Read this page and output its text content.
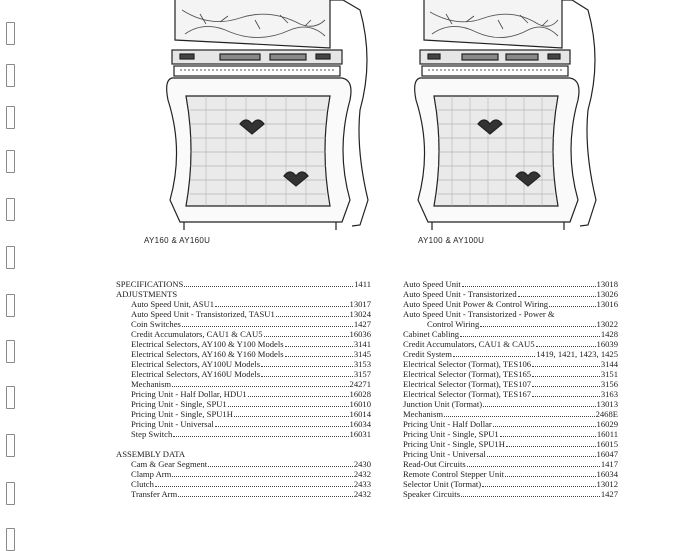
AY160 & AY160U	AY100 & AY100U
SPECIFICATIONS	1411
ADJUSTMENTS
Auto Speed Unit, ASU1	13017
Auto Speed Unit - Transistorized, TASU1	13024
Coin Switches	1427
Credit Accumulators, CAU1 & CAU5	16036
Electrical Selectors, AY100 & Y100 Models	3141
Electrical Selectors, AY160 & Y160 Models	3145
Electrical Selectors, AY100U Models	3153
Electrical Selectors, AY160U Models	3157
Mechanism	24271
Pricing Unit - Half Dollar, HDU1	16028
Pricing Unit - Single, SPU1	16010
Pricing Unit - Single, SPU1H	16014
Pricing Unit - Universal	16034
Step Switch	16031
ASSEMBLY DATA
Cam & Gear Segment	2430
Clamp Arm	2432
Clutch	2433
Transfer Arm	2432
Auto Speed Unit	13018
Auto Speed Unit - Transistorized	13026
Auto Speed Unit Power & Control Wiring	13016
Auto Speed Unit - Transistorized - Power &
Control Wiring	13022
Cabinet Cabling	1428
Credit Accumulators, CAU1 & CAU5	16039
Credit System	1419, 1421, 1423, 1425
Electrical Selector (Tormat), TES106	3144
Electrical Selector (Tormat), TES165	3151
Electrical Selector (Tormat), TES107	3156
Electrical Selector (Tormat), TES167	3163
Junction Unit (Tormat)	13013
Mechanism	2468E
Pricing Unit - Half Dollar	16029
Pricing Unit - Single, SPU1	16011
Pricing Unit - Single, SPU1H	16015
Pricing Unit - Universal	16047
Read-Out Circuits	1417
Remote Control Stepper Unit	16034
Selector Unit (Tormat)	13012
Speaker Circuits	1427
